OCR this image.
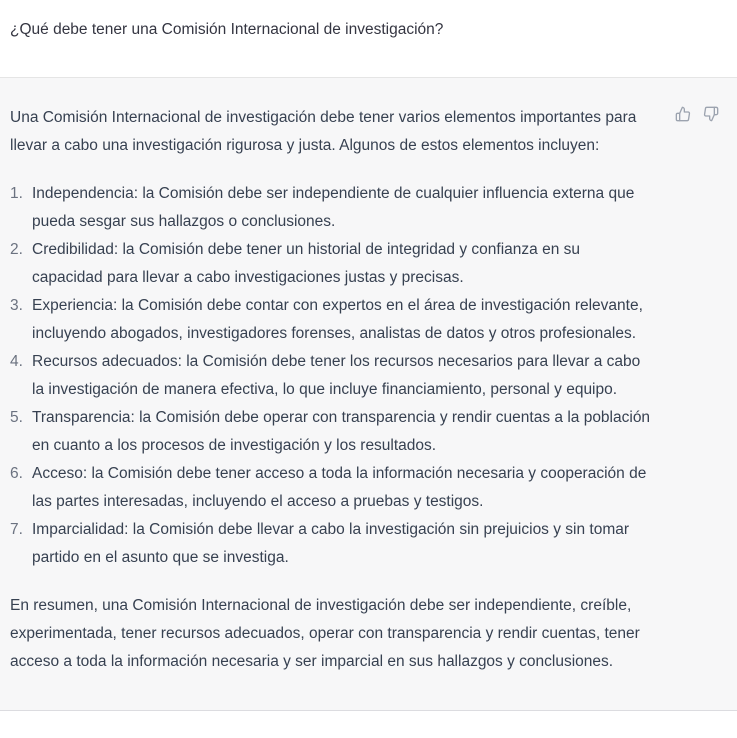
¿Qué debe tener una Comisión Internacional de investigación?
Una Comisión Internacional de investigación debe tener varios elementos importantes para
llevar a cabo una investigación rigurosa y justa. Algunos de estos elementos incluyen:
1. Independencia: la Comisión debe ser independiente de cualquier influencia externa que
pueda sesgar sus hallazgos o conclusiones.
2. Credibilidad: la Comisión debe tener un historial de integridad y confianza en su
capacidad para llevar a cabo investigaciones justas y precisas.
3. Experiencia: la Comisión debe contar con expertos en el área de investigación relevante,
incluyendo abogados, investigadores forenses, analistas de datos y otros profesionales.
4. Recursos adecuados: la Comisión debe tener los recursos necesarios para llevar a cabo
la investigación de manera efectiva, lo que incluye financiamiento, personal y equipo.
5. Transparencia: la Comisión debe operar con transparencia y rendir cuentas a la población
en cuanto a los procesos de investigación y los resultados.
6. Acceso: la Comisión debe tener acceso a toda la información necesaria y cooperación de
las partes interesadas, incluyendo el acceso a pruebas y testigos.
7. Imparcialidad: la Comisión debe llevar a cabo la investigación sin prejuicios y sin tomar
partido en el asunto que se investiga.
En resumen, una Comisión Internacional de investigación debe ser independiente, creíble,
experimentada, tener recursos adecuados, operar con transparencia y rendir cuentas, tener
acceso a toda la información necesaria y ser imparcial en sus hallazgos y conclusiones.
